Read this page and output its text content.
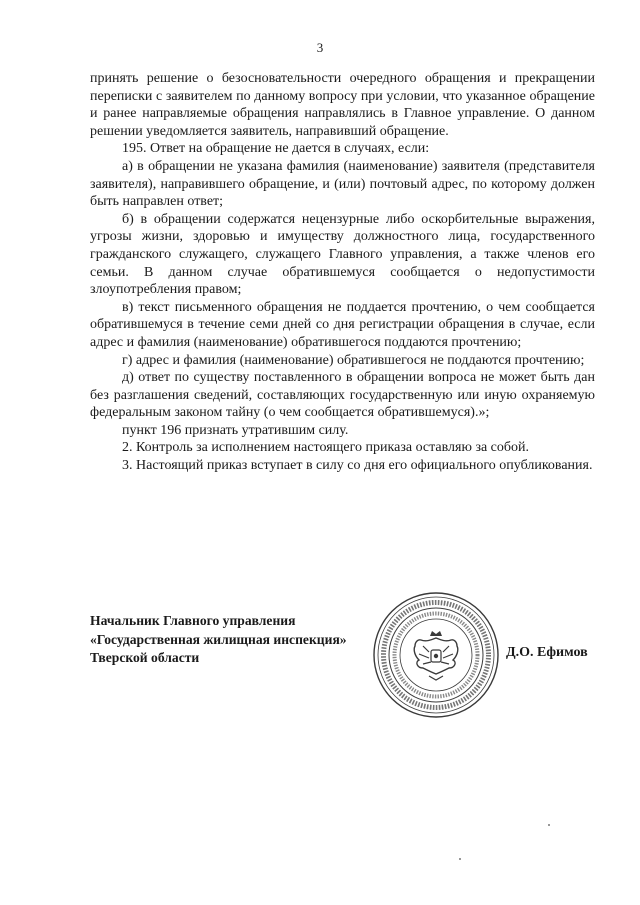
3

принять решение о безосновательности очередного обращения и прекращении переписки с заявителем по данному вопросу при условии, что указанное обращение и ранее направляемые обращения направлялись в Главное управление. О данном решении уведомляется заявитель, направивший обращение.

195. Ответ на обращение не дается в случаях, если:

а) в обращении не указана фамилия (наименование) заявителя (представителя заявителя), направившего обращение, и (или) почтовый адрес, по которому должен быть направлен ответ;

б) в обращении содержатся нецензурные либо оскорбительные выражения, угрозы жизни, здоровью и имуществу должностного лица, государственного гражданского служащего, служащего Главного управления, а также членов его семьи. В данном случае обратившемуся сообщается о недопустимости злоупотребления правом;

в) текст письменного обращения не поддается прочтению, о чем сообщается обратившемуся в течение семи дней со дня регистрации обращения в случае, если адрес и фамилия (наименование) обратившегося поддаются прочтению;

г) адрес и фамилия (наименование) обратившегося не поддаются прочтению;

д) ответ по существу поставленного в обращении вопроса не может быть дан без разглашения сведений, составляющих государственную или иную охраняемую федеральным законом тайну (о чем сообщается обратившемуся).»;

пункт 196 признать утратившим силу.

2. Контроль за исполнением настоящего приказа оставляю за собой.

3. Настоящий приказ вступает в силу со дня его официального опубликования.

Начальник Главного управления
«Государственная жилищная инспекция»
Тверской области	Д.О. Ефимов
